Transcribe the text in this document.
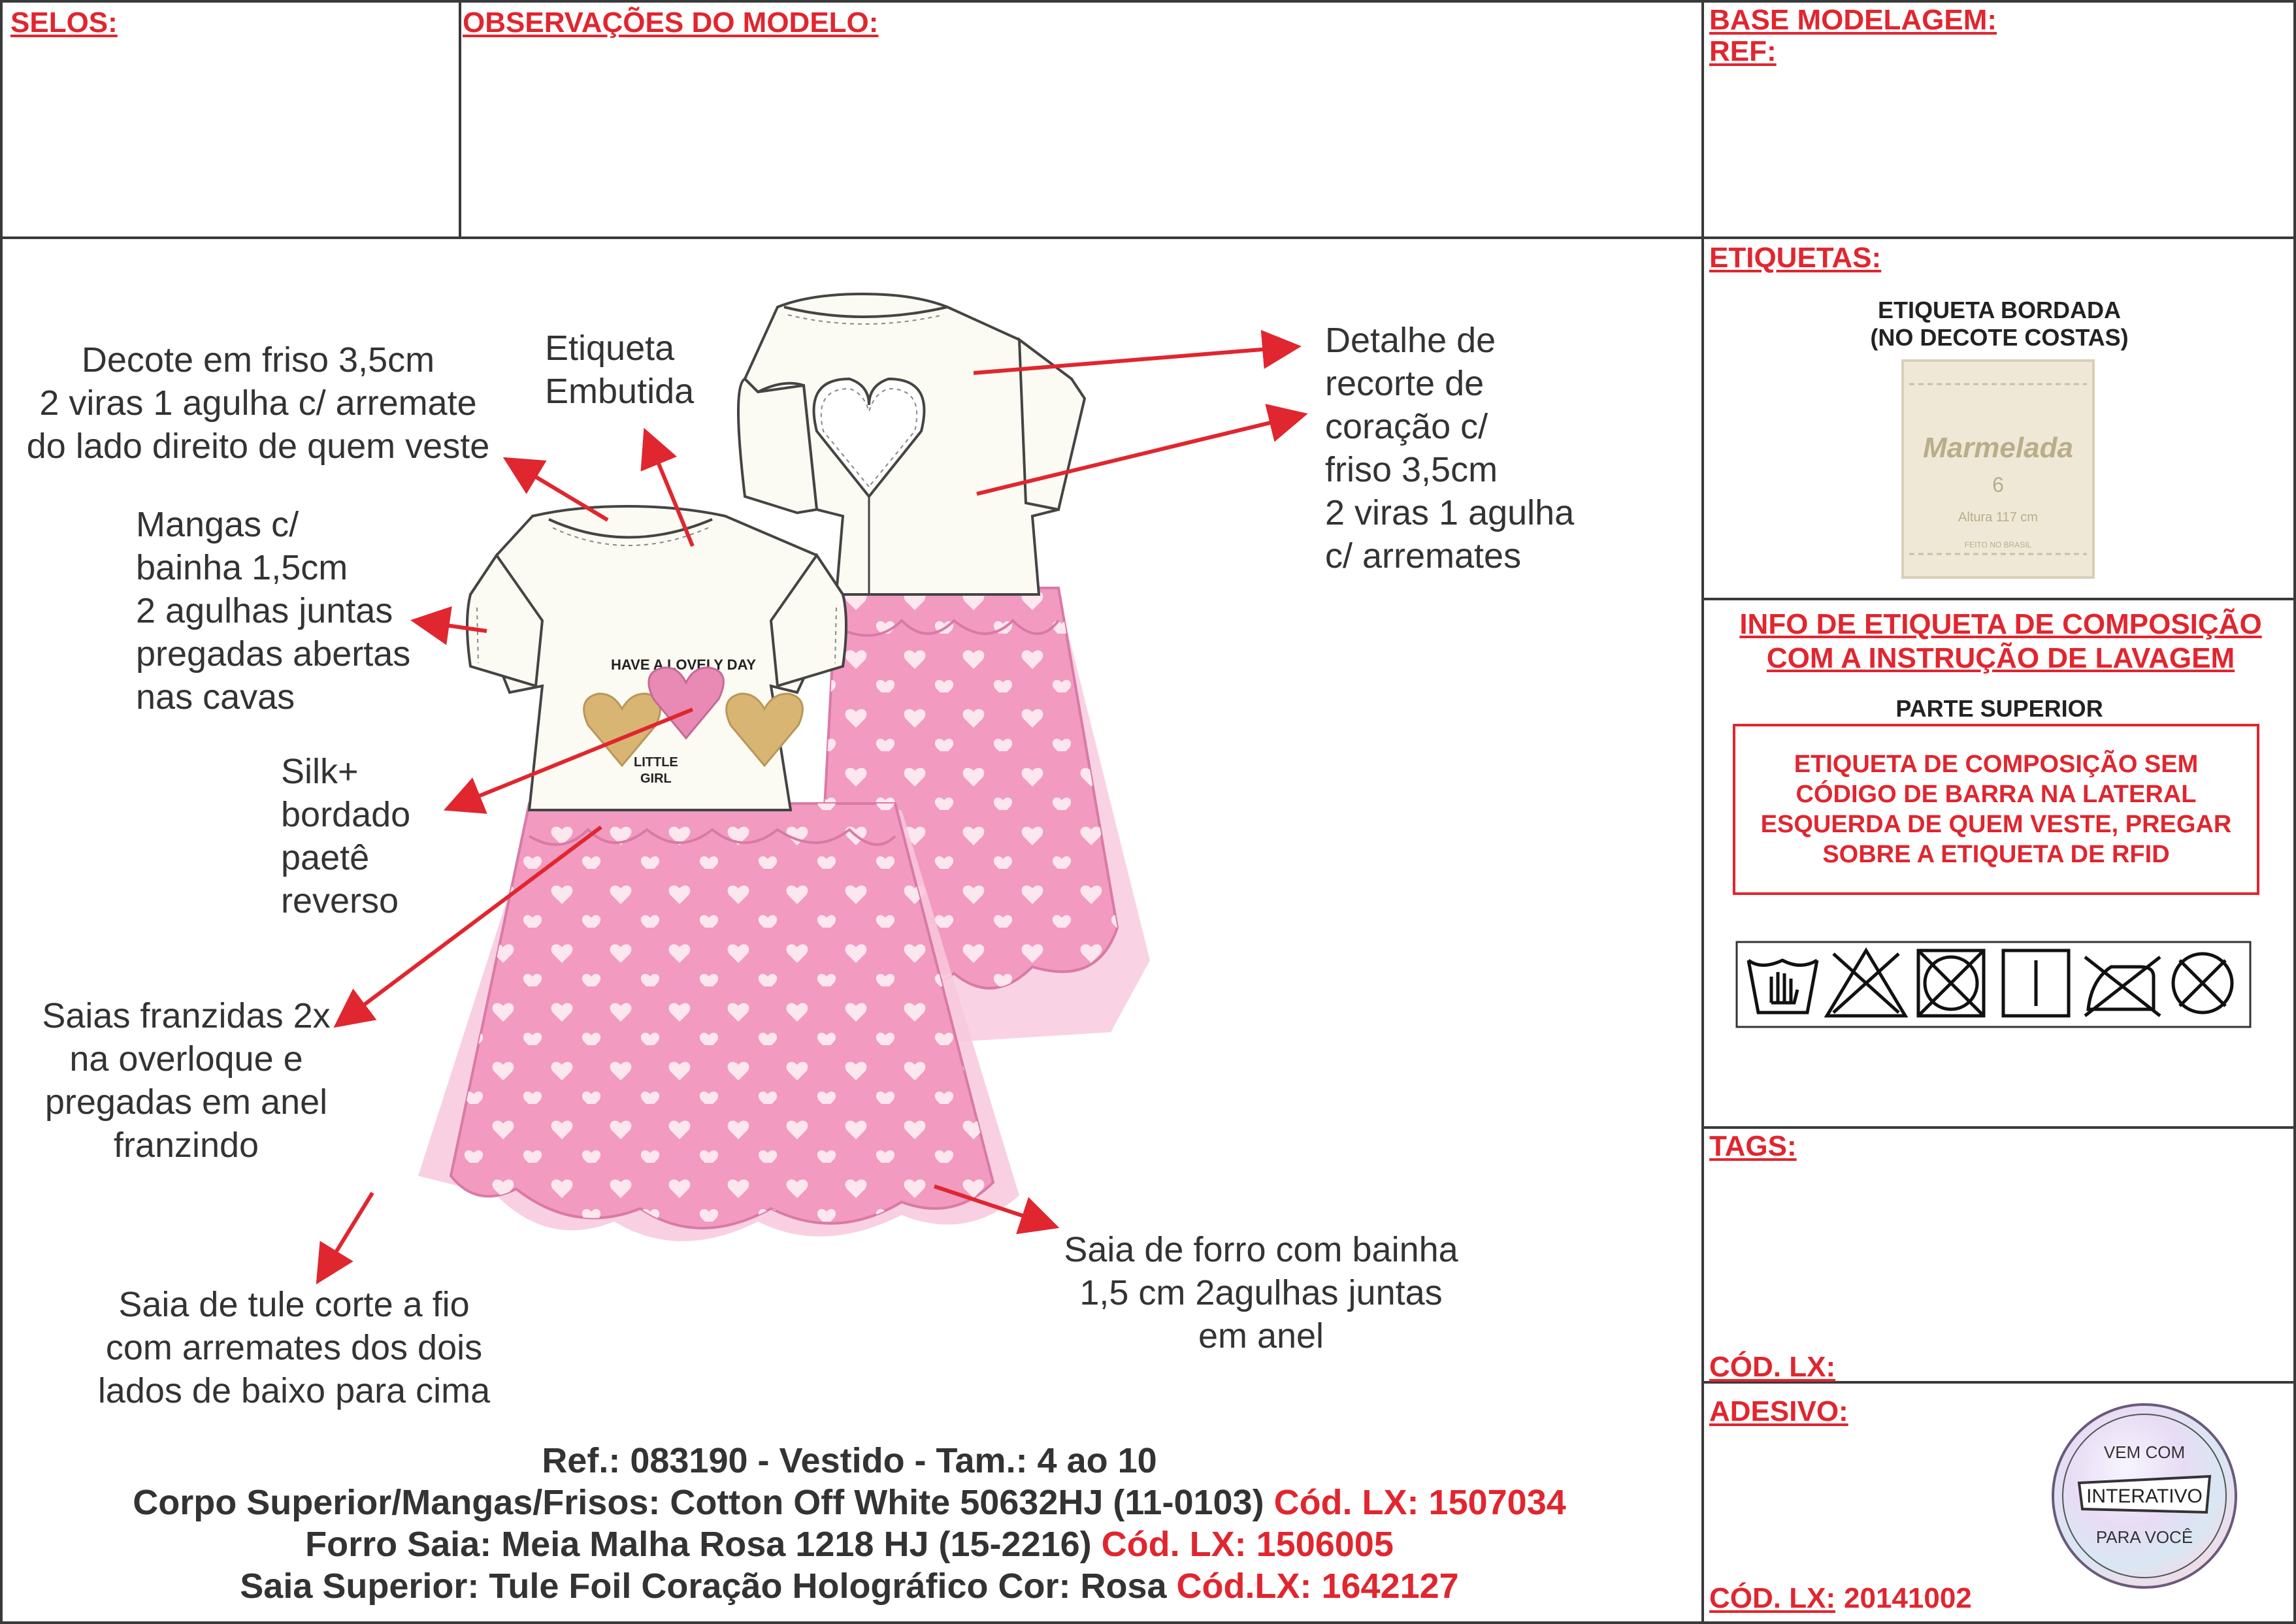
SELOS:	OBSERVAÇÕES DO MODELO:	BASE MODELAGEM:
REF:
HAVE A LOVELY DAY
LITTLE
GIRL
Decote em friso 3,5cm
2 viras 1 agulha c/ arremate
do lado direito de quem veste
Etiqueta
Embutida
Detalhe de
recorte de
coração c/
friso 3,5cm
2 viras 1 agulha
c/ arremates
Mangas c/
bainha 1,5cm
2 agulhas juntas
pregadas abertas
nas cavas
Silk+
bordado
paetê
reverso
Saias franzidas 2x
na overloque e
pregadas em anel
franzindo
Saia de tule corte a fio
com arremates dos dois
lados de baixo para cima
Saia de forro com bainha
1,5 cm 2agulhas juntas
em anel
Ref.: 083190 - Vestido - Tam.: 4 ao 10
Corpo Superior/Mangas/Frisos: Cotton Off White 50632HJ (11-0103) Cód. LX: 1507034
Forro Saia: Meia Malha Rosa 1218 HJ (15-2216) Cód. LX: 1506005
Saia Superior: Tule Foil Coração Holográfico Cor: Rosa Cód.LX: 1642127
ETIQUETAS:
ETIQUETA BORDADA
(NO DECOTE COSTAS)
Marmelada
6
Altura 117 cm
FEITO NO BRASIL
INFO DE ETIQUETA DE COMPOSIÇÃO
COM A INSTRUÇÃO DE LAVAGEM
PARTE SUPERIOR
ETIQUETA DE COMPOSIÇÃO SEM
CÓDIGO DE BARRA NA LATERAL
ESQUERDA DE QUEM VESTE, PREGAR
SOBRE A ETIQUETA DE RFID
TAGS:
CÓD. LX:
ADESIVO:
CÓD. LX: 20141002
VEM COM
INTERATIVO
PARA VOCÊ
